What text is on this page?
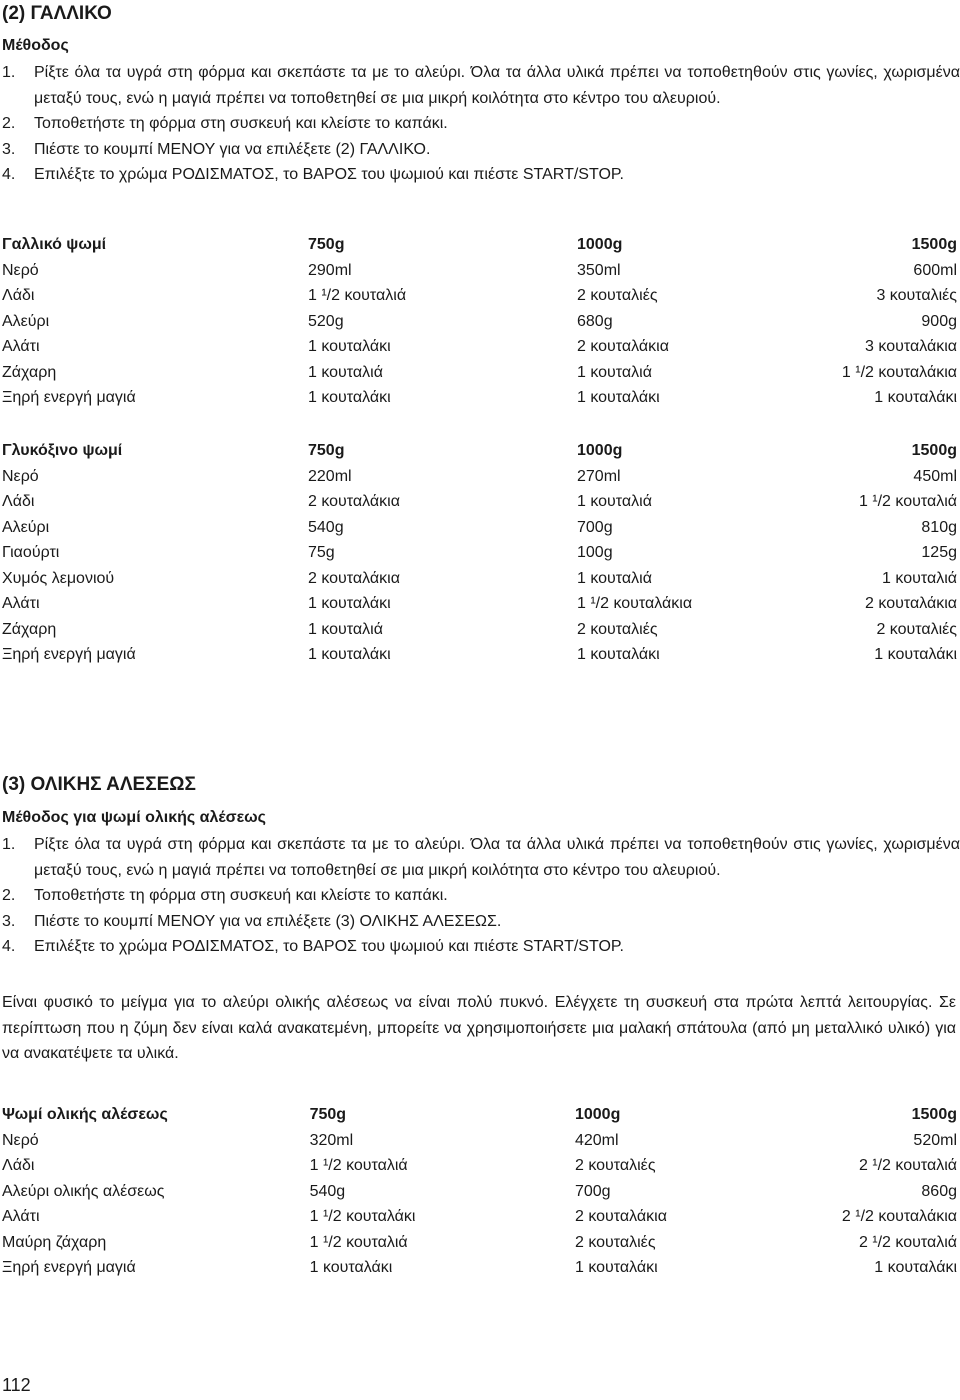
(2) ΓΑΛΛΙΚΟ
Μέθοδος
1.	Ρίξτε όλα τα υγρά στη φόρμα και σκεπάστε τα με το αλεύρι. Όλα τα άλλα υλικά πρέπει να τοποθετηθούν στις γωνίες, χωρισμένα μεταξύ τους, ενώ η μαγιά πρέπει να τοποθετηθεί σε μια μικρή κοιλότητα στο κέντρο του αλευριού.
2.	Τοποθετήστε τη φόρμα στη συσκευή και κλείστε το καπάκι.
3.	Πιέστε το κουμπί ΜΕΝΟΥ για να επιλέξετε (2) ΓΑΛΛΙΚΟ.
4.	Επιλέξτε το χρώμα ΡΟΔΙΣΜΑΤΟΣ, το ΒΑΡΟΣ του ψωμιού και πιέστε START/STOP.
Γαλλικό ψωμί	750g	1000g	1500g
Νερό	290ml	350ml	600ml
Λάδι	1 ¹/2 κουταλιά	2 κουταλιές	3 κουταλιές
Αλεύρι	520g	680g	900g
Αλάτι	1 κουταλάκι	2 κουταλάκια	3 κουταλάκια
Ζάχαρη	1 κουταλιά	1 κουταλιά	1 ¹/2 κουταλάκια
Ξηρή ενεργή μαγιά	1 κουταλάκι	1 κουταλάκι	1 κουταλάκι
Γλυκόξινο ψωμί	750g	1000g	1500g
Νερό	220ml	270ml	450ml
Λάδι	2 κουταλάκια	1 κουταλιά	1 ¹/2 κουταλιά
Αλεύρι	540g	700g	810g
Γιαούρτι	75g	100g	125g
Χυμός λεμονιού	2 κουταλάκια	1 κουταλιά	1 κουταλιά
Αλάτι	1 κουταλάκι	1 ¹/2 κουταλάκια	2 κουταλάκια
Ζάχαρη	1 κουταλιά	2 κουταλιές	2 κουταλιές
Ξηρή ενεργή μαγιά	1 κουταλάκι	1 κουταλάκι	1 κουταλάκι
(3) ΟΛΙΚΗΣ ΑΛΕΣΕΩΣ
Μέθοδος για ψωμί ολικής αλέσεως
1.	Ρίξτε όλα τα υγρά στη φόρμα και σκεπάστε τα με το αλεύρι. Όλα τα άλλα υλικά πρέπει να τοποθετηθούν στις γωνίες, χωρισμένα μεταξύ τους, ενώ η μαγιά πρέπει να τοποθετηθεί σε μια μικρή κοιλότητα στο κέντρο του αλευριού.
2.	Τοποθετήστε τη φόρμα στη συσκευή και κλείστε το καπάκι.
3.	Πιέστε το κουμπί ΜΕΝΟΥ για να επιλέξετε (3) ΟΛΙΚΗΣ ΑΛΕΣΕΩΣ.
4.	Επιλέξτε το χρώμα ΡΟΔΙΣΜΑΤΟΣ, το ΒΑΡΟΣ του ψωμιού και πιέστε START/STOP.

Είναι φυσικό το μείγμα για το αλεύρι ολικής αλέσεως να είναι πολύ πυκνό. Ελέγχετε τη συσκευή στα πρώτα λεπτά λειτουργίας. Σε περίπτωση που η ζύμη δεν είναι καλά ανακατεμένη, μπορείτε να χρησιμοποιήσετε μια μαλακή σπάτουλα (από μη μεταλλικό υλικό) για να ανακατέψετε τα υλικά.

Ψωμί ολικής αλέσεως	750g	1000g	1500g
Νερό	320ml	420ml	520ml
Λάδι	1 ¹/2 κουταλιά	2 κουταλιές	2 ¹/2 κουταλιά
Αλεύρι ολικής αλέσεως	540g	700g	860g
Αλάτι	1 ¹/2 κουταλάκι	2 κουταλάκια	2 ¹/2 κουταλάκια
Μαύρη ζάχαρη	1 ¹/2 κουταλιά	2 κουταλιές	2 ¹/2 κουταλιά
Ξηρή ενεργή μαγιά	1 κουταλάκι	1 κουταλάκι	1 κουταλάκι
112
